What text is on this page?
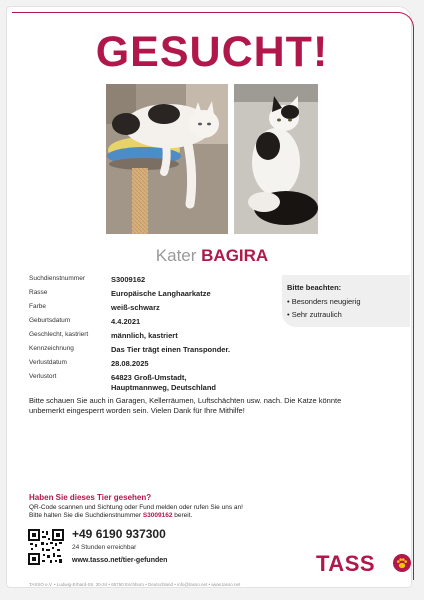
GESUCHT!
Kater BAGIRA
Suchdienstnummer	S3009162
Rasse	Europäische Langhaarkatze
Farbe	weiß-schwarz
Geburtsdatum	4.4.2021
Geschlecht, kastriert	männlich, kastriert
Kennzeichnung	Das Tier trägt einen Transponder.
Verlustdatum	28.08.2025
Verlustort	64823 Groß-Umstadt,
Hauptmannweg, Deutschland
Bitte beachten:
• Besonders neugierig
• Sehr zutraulich
Bitte schauen Sie auch in Garagen, Kellerräumen, Luftschächten usw. nach. Die Katze könnte
unbemerkt eingesperrt worden sein. Vielen Dank für Ihre Mithilfe!
Haben Sie dieses Tier gesehen?
QR-Code scannen und Sichtung oder Fund melden oder rufen Sie uns an!
Bitte halten Sie die Suchdienstnummer S3009162 bereit.
+49 6190 937300
24 Stunden erreichbar
www.tasso.net/tier-gefunden	TASS
TASSO e.V. • Ludwig-Erhard-Str. 30-34 • 65760 Eschborn • Deutschland • info@tasso.net • www.tasso.net
